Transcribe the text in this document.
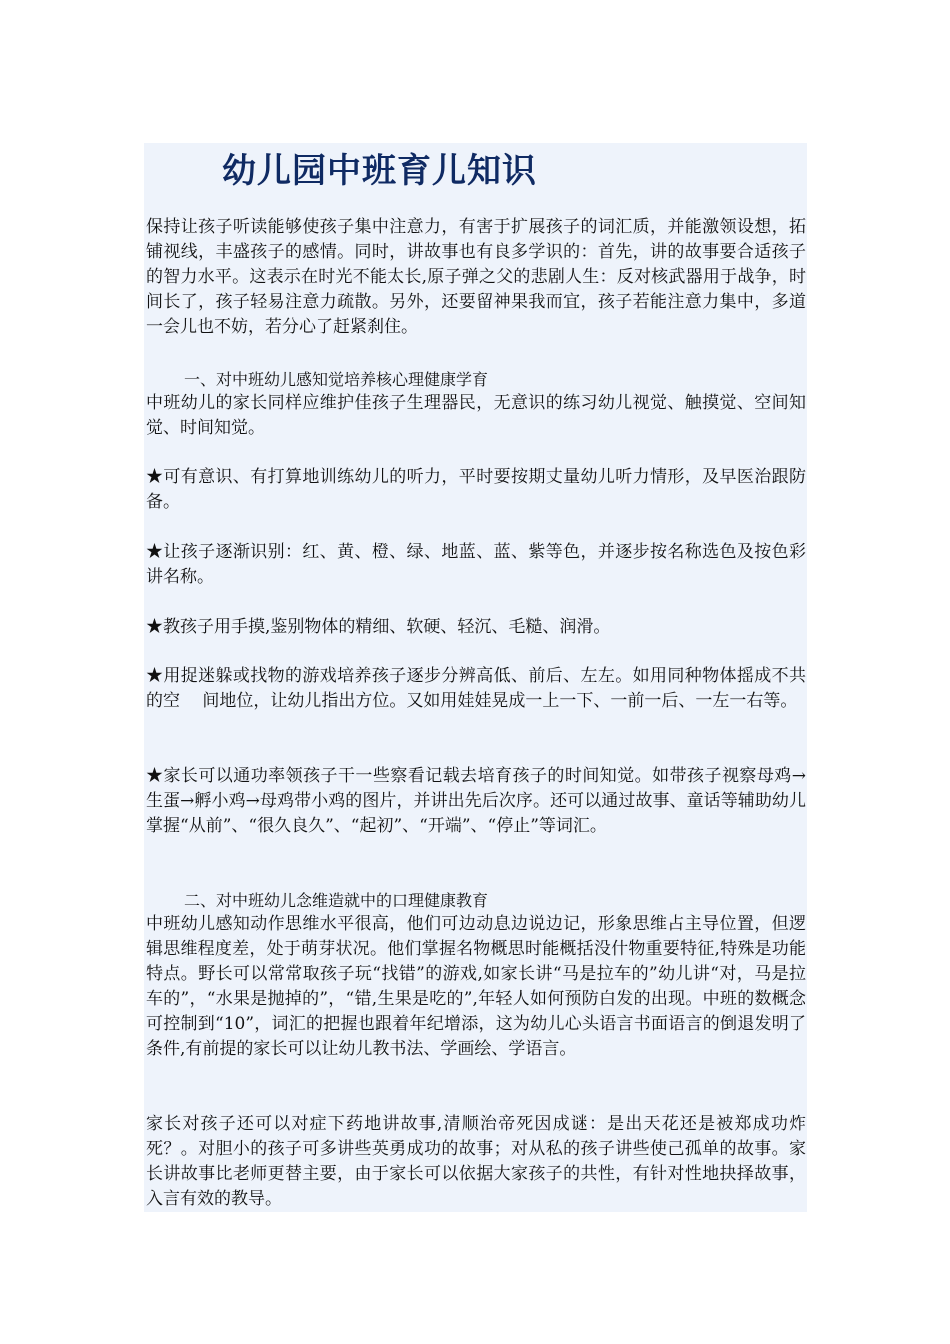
幼儿园中班育儿知识
保持让孩子听读能够使孩子集中注意力，有害于扩展孩子的词汇质，并能激领设想，拓铺视线，丰盛孩子的感情。同时，讲故事也有良多学识的：首先，讲的故事要合适孩子的智力水平。这表示在时光不能太长,原子弹之父的悲剧人生：反对核武器用于战争，时间长了，孩子轻易注意力疏散。另外，还要留神果我而宜，孩子若能注意力集中，多道一会儿也不妨，若分心了赶紧刹住。
一、对中班幼儿感知觉培养核心理健康学育
中班幼儿的家长同样应维护佳孩子生理器民，无意识的练习幼儿视觉、触摸觉、空间知觉、时间知觉。
★可有意识、有打算地训练幼儿的听力，平时要按期丈量幼儿听力情形，及早医治跟防备。
★让孩子逐渐识别：红、黄、橙、绿、地蓝、蓝、紫等色，并逐步按名称选色及按色彩讲名称。
★教孩子用手摸,鉴别物体的精细、软硬、轻沉、毛糙、润滑。
★用捉迷躲或找物的游戏培养孩子逐步分辨高低、前后、左左。如用同种物体摇成不共的空　 间地位，让幼儿指出方位。又如用娃娃晃成一上一下、一前一后、一左一右等。
★家长可以通功率领孩子干一些察看记载去培育孩子的时间知觉。如带孩子视察母鸡→生蛋→孵小鸡→母鸡带小鸡的图片，并讲出先后次序。还可以通过故事、童话等辅助幼儿掌握“从前”、“很久良久”、“起初”、“开端”、“停止”等词汇。
二、对中班幼儿念维造就中的口理健康教育
中班幼儿感知动作思维水平很高，他们可边动息边说边记，形象思维占主导位置，但逻辑思维程度差，处于萌芽状况。他们掌握名物概思时能概括没什物重要特征,特殊是功能特点。野长可以常常取孩子玩“找错”的游戏,如家长讲“马是拉车的”幼儿讲“对，马是拉车的”，“水果是抛掉的”，“错,生果是吃的”,年轻人如何预防白发的出现。中班的数概念可控制到“10”，词汇的把握也跟着年纪增添，这为幼儿心头语言书面语言的倒退发明了条件,有前提的家长可以让幼儿教书法、学画绘、学语言。
家长对孩子还可以对症下药地讲故事,清顺治帝死因成谜：是出天花还是被郑成功炸死？。对胆小的孩子可多讲些英勇成功的故事；对从私的孩子讲些使己孤单的故事。家长讲故事比老师更替主要，由于家长可以依据大家孩子的共性，有针对性地抉择故事，入言有效的教导。
